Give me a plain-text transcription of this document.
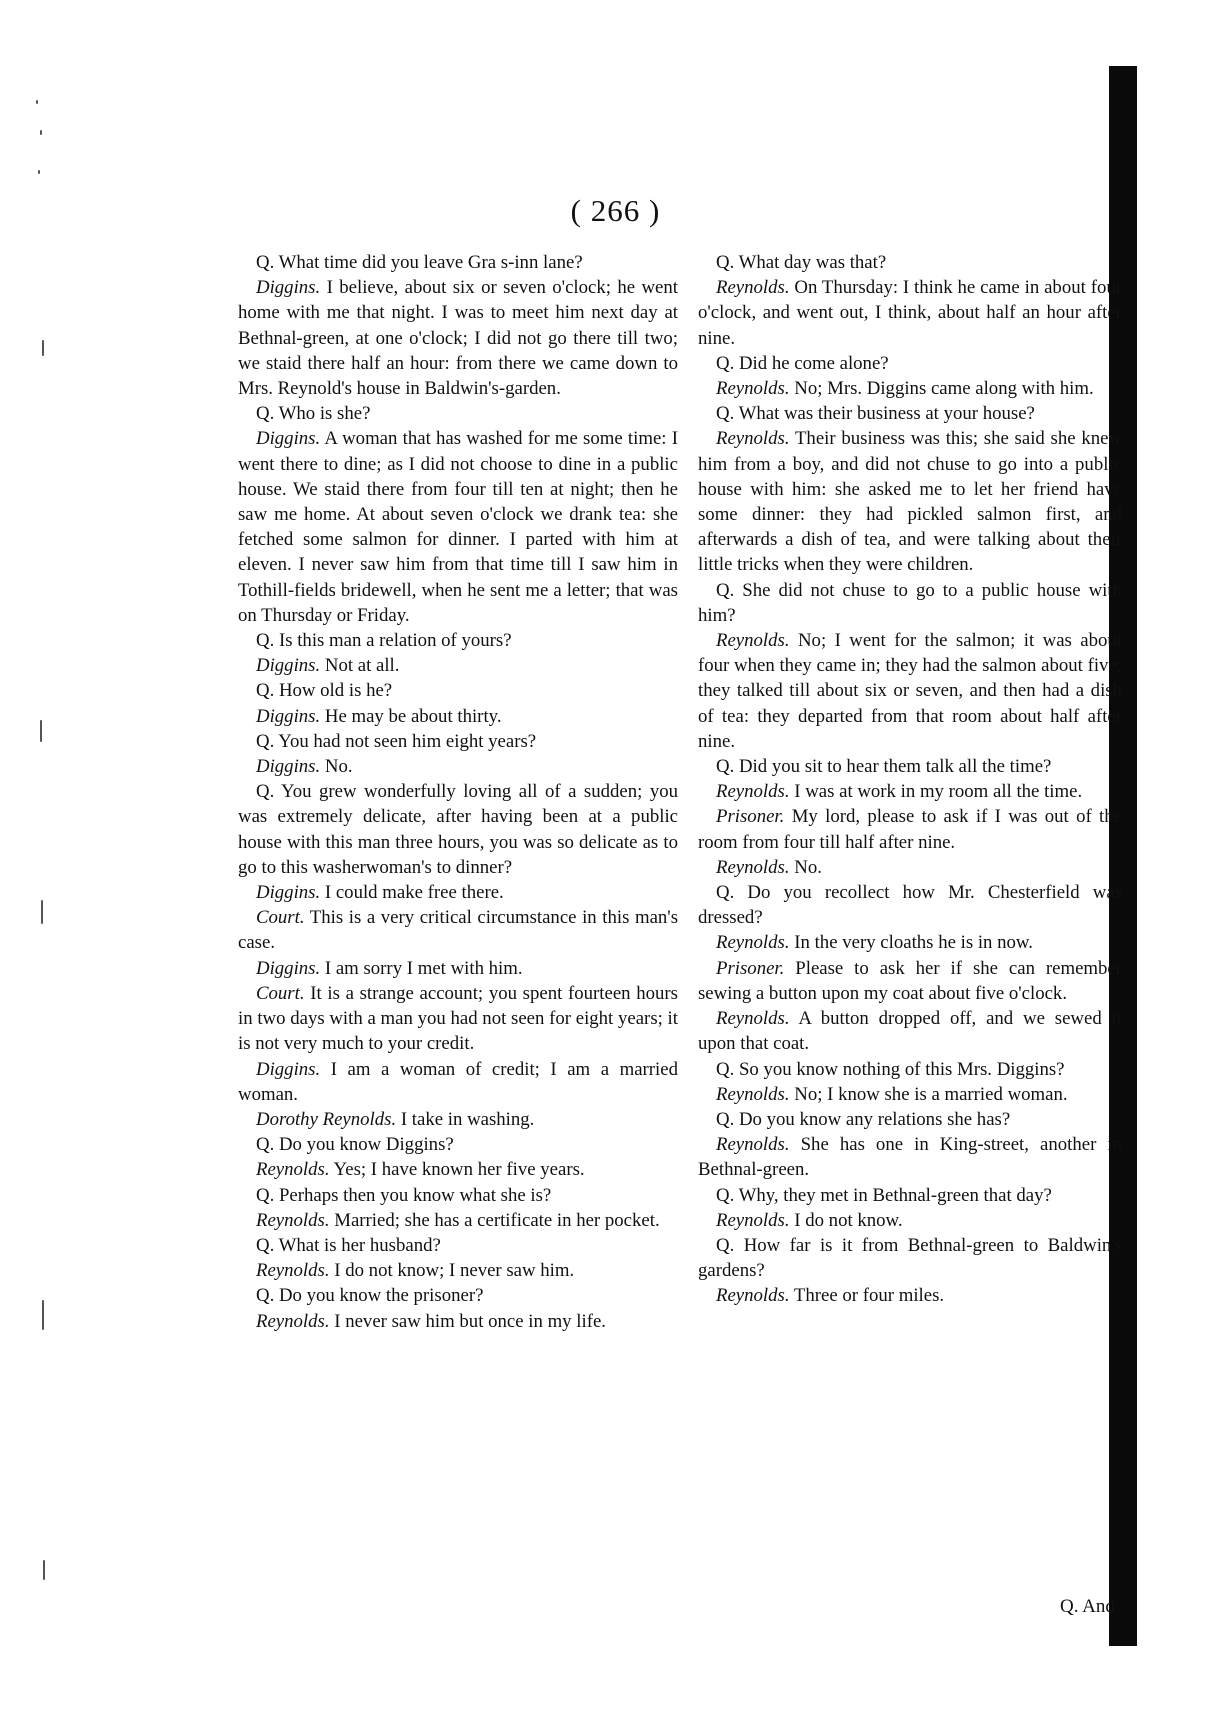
( 266 )

Q. What time did you leave Gra s-inn lane?

Diggins. I believe, about six or seven o'clock; he went home with me that night. I was to meet him next day at Bethnal-green, at one o'clock; I did not go there till two; we staid there half an hour: from there we came down to Mrs. Reynold's house in Baldwin's-garden.

Q. Who is she?

Diggins. A woman that has washed for me some time: I went there to dine; as I did not choose to dine in a public house. We staid there from four till ten at night; then he saw me home. At about seven o'clock we drank tea: she fetched some salmon for dinner. I parted with him at eleven. I never saw him from that time till I saw him in Tothill-fields bridewell, when he sent me a letter; that was on Thursday or Friday.

Q. Is this man a relation of yours?

Diggins. Not at all.

Q. How old is he?

Diggins. He may be about thirty.

Q. You had not seen him eight years?

Diggins. No.

Q. You grew wonderfully loving all of a sudden; you was extremely delicate, after having been at a public house with this man three hours, you was so delicate as to go to this washerwoman's to dinner?

Diggins. I could make free there.

Court. This is a very critical circumstance in this man's case.

Diggins. I am sorry I met with him.

Court. It is a strange account; you spent fourteen hours in two days with a man you had not seen for eight years; it is not very much to your credit.

Diggins. I am a woman of credit; I am a married woman.

Dorothy Reynolds. I take in washing.

Q. Do you know Diggins?

Reynolds. Yes; I have known her five years.

Q. Perhaps then you know what she is?

Reynolds. Married; she has a certificate in her pocket.

Q. What is her husband?

Reynolds. I do not know; I never saw him.

Q. Do you know the prisoner?

Reynolds. I never saw him but once in my life.

Q. What day was that?

Reynolds. On Thursday: I think he came in about four o'clock, and went out, I think, about half an hour after nine.

Q. Did he come alone?

Reynolds. No; Mrs. Diggins came along with him.

Q. What was their business at your house?

Reynolds. Their business was this; she said she knew him from a boy, and did not chuse to go into a public house with him: she asked me to let her friend have some dinner: they had pickled salmon first, and afterwards a dish of tea, and were talking about their little tricks when they were children.

Q. She did not chuse to go to a public house with him?

Reynolds. No; I went for the salmon; it was about four when they came in; they had the salmon about five; they talked till about six or seven, and then had a dish of tea: they departed from that room about half after nine.

Q. Did you sit to hear them talk all the time?

Reynolds. I was at work in my room all the time.

Prisoner. My lord, please to ask if I was out of the room from four till half after nine.

Reynolds. No.

Q. Do you recollect how Mr. Chesterfield was dressed?

Reynolds. In the very cloaths he is in now.

Prisoner. Please to ask her if she can remember sewing a button upon my coat about five o'clock.

Reynolds. A button dropped off, and we sewed it upon that coat.

Q. So you know nothing of this Mrs. Diggins?

Reynolds. No; I know she is a married woman.

Q. Do you know any relations she has?

Reynolds. She has one in King-street, another in Bethnal-green.

Q. Why, they met in Bethnal-green that day?

Reynolds. I do not know.

Q. How far is it from Bethnal-green to Baldwin's gardens?

Reynolds. Three or four miles.

Q. And
